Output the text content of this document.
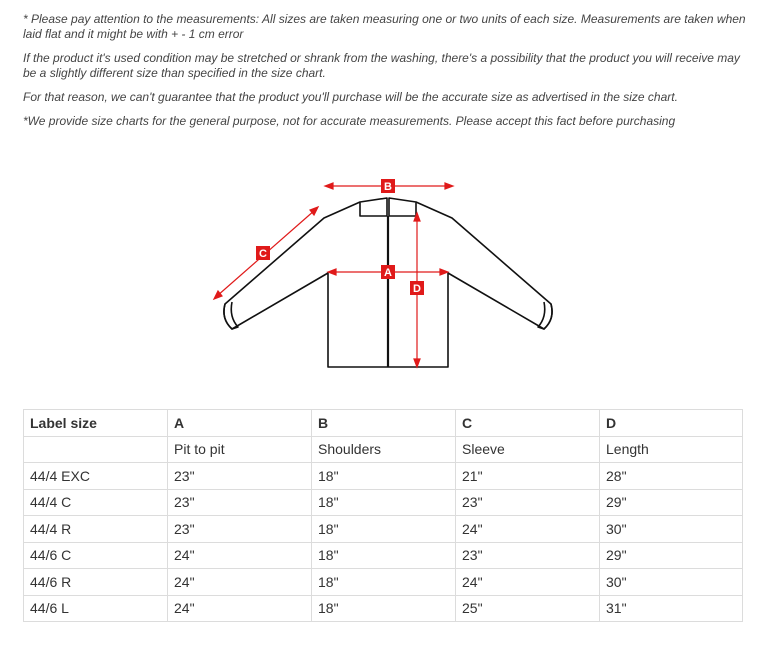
* Please pay attention to the measurements: All sizes are taken measuring one or two units of each size. Measurements are taken when laid flat and it might be with + - 1 cm error

If the product it's used condition may be stretched or shrank from the washing, there's a possibility that the product you will receive may be a slightly different size than specified in the size chart.

For that reason, we can't guarantee that the product you'll purchase will be the accurate size as advertised in the size chart.

*We provide size charts for the general purpose, not for accurate measurements. Please accept this fact before purchasing

B
A
C
D
Label size	A	B	C	D
	Pit to pit	Shoulders	Sleeve	Length
44/4 EXC	23"	18"	21"	28"
44/4 C	23"	18"	23"	29"
44/4 R	23"	18"	24"	30"
44/6 C	24"	18"	23"	29"
44/6 R	24"	18"	24"	30"
44/6 L	24"	18"	25"	31"
